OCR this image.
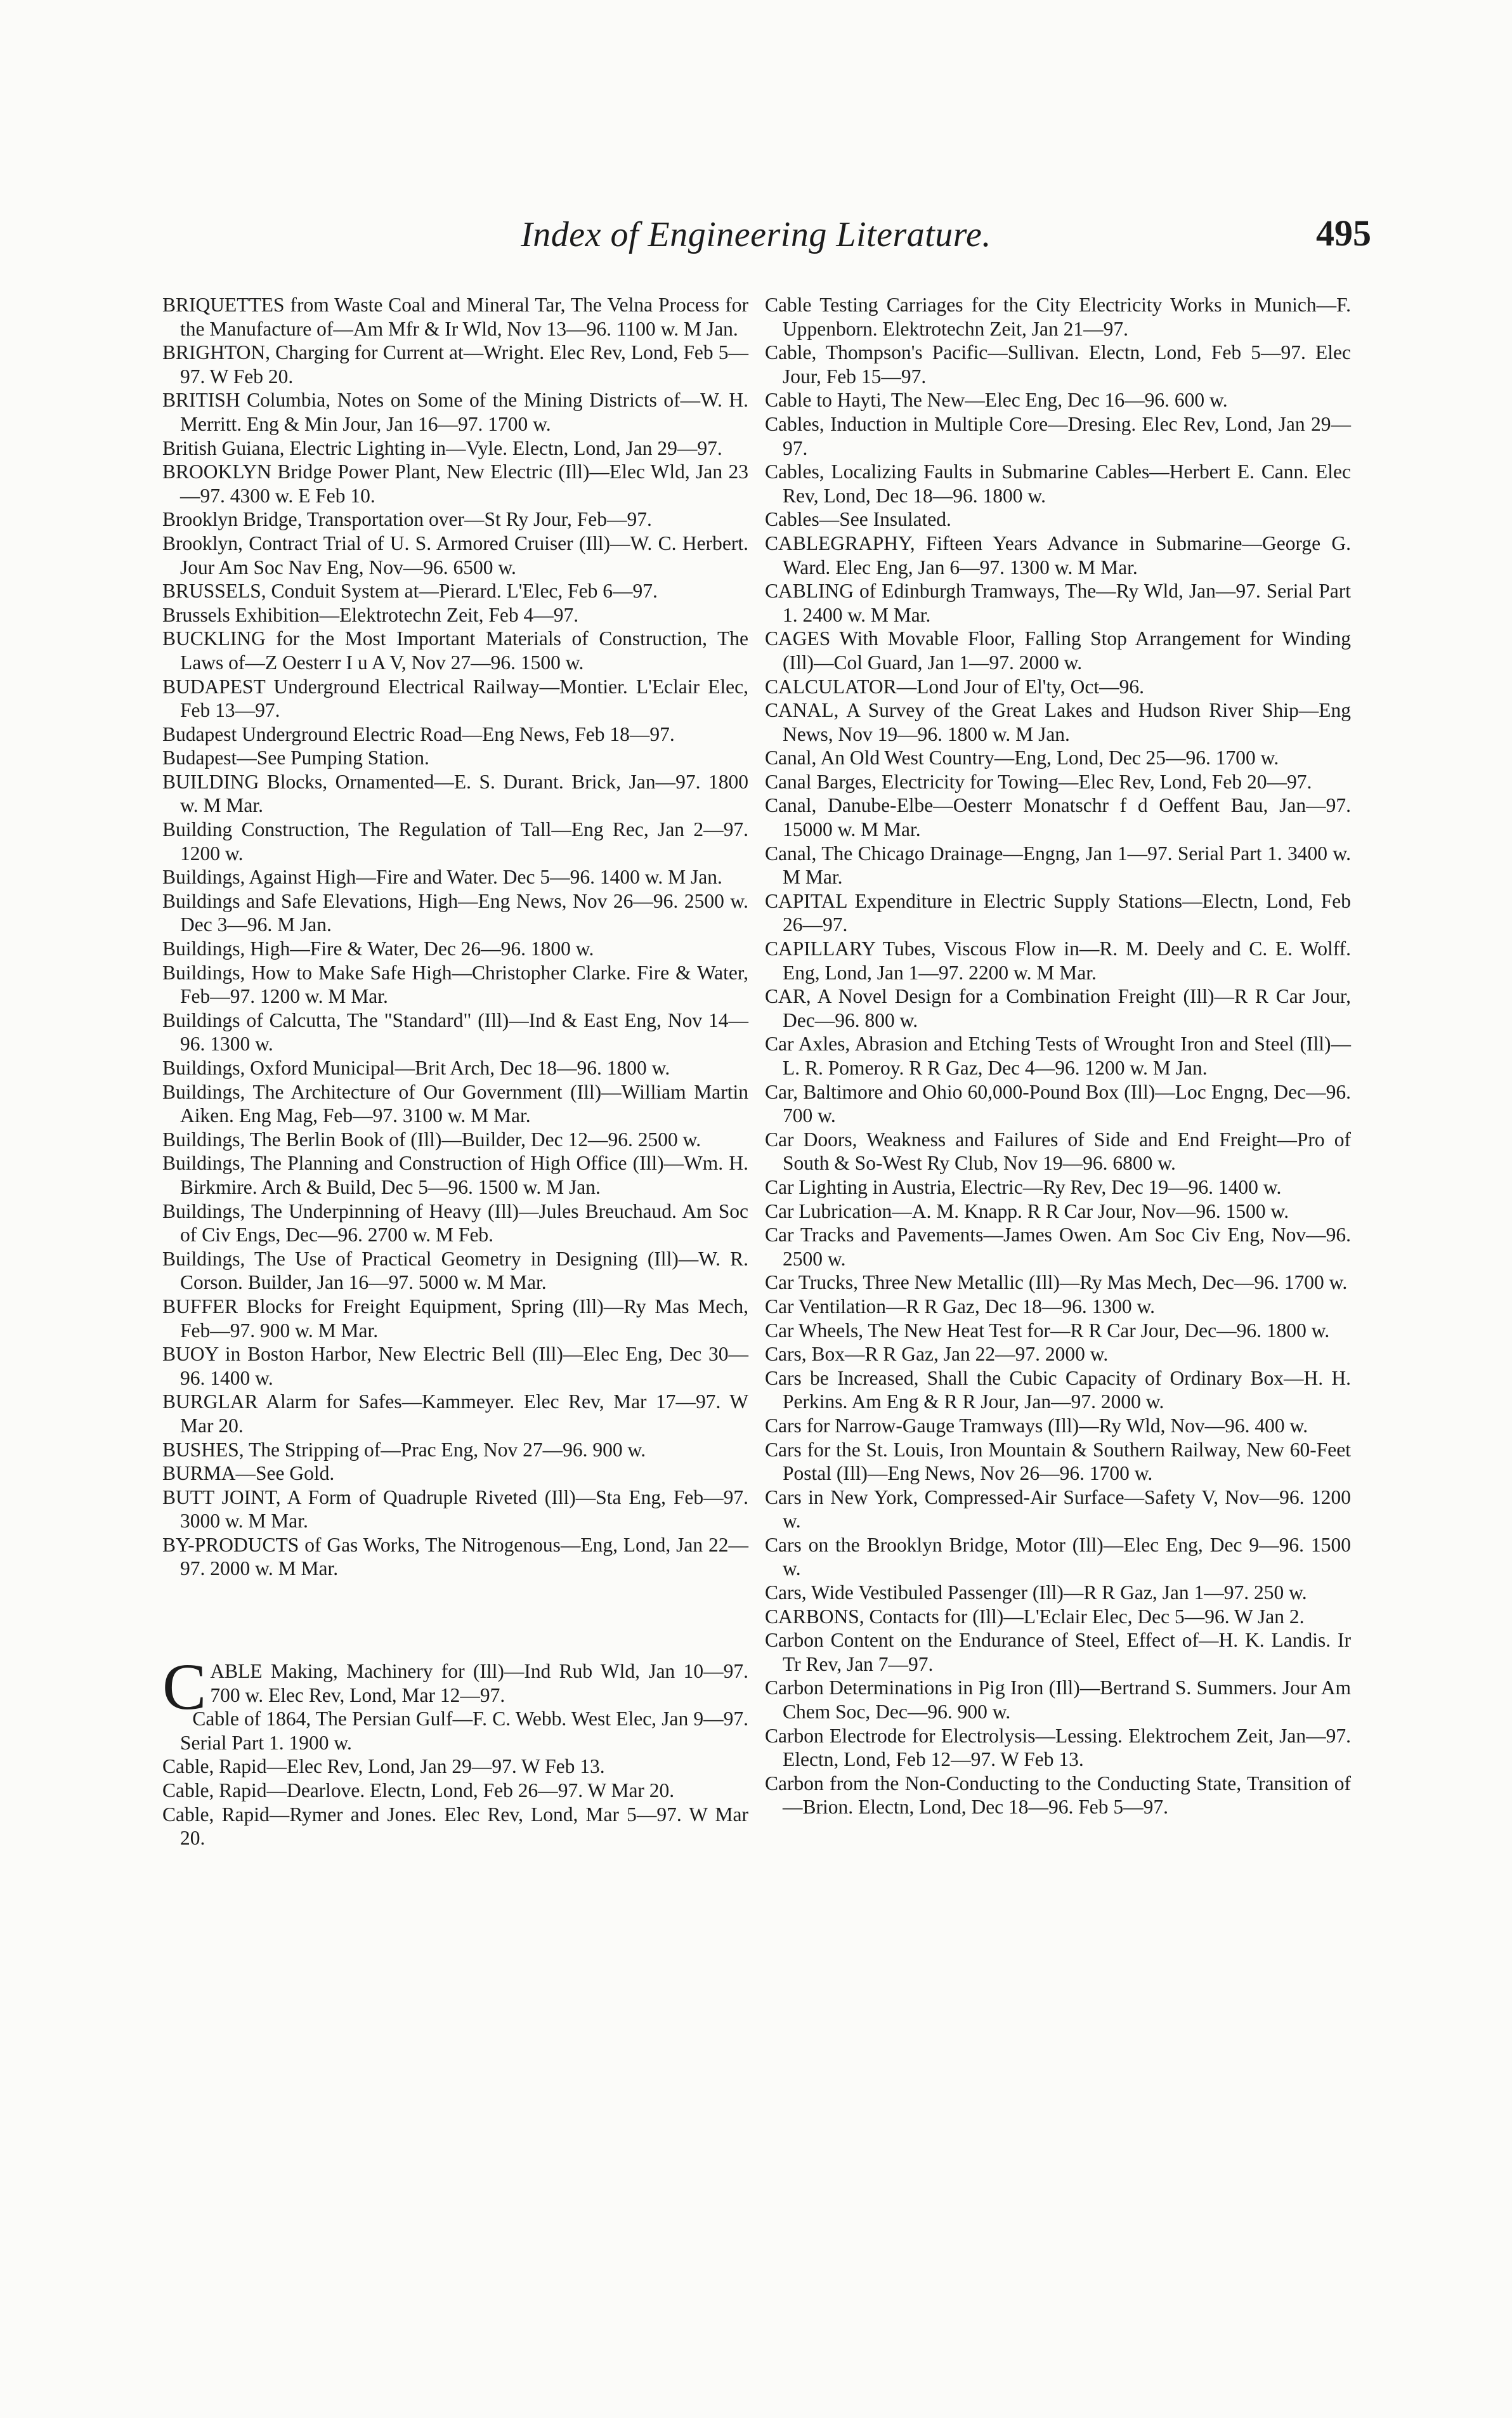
Index of Engineering Literature.	495

BRIQUETTES from Waste Coal and Mineral Tar, The Velna Process for the Manufacture of—Am Mfr & Ir Wld, Nov 13—96. 1100 w. M Jan.

BRIGHTON, Charging for Current at—Wright. Elec Rev, Lond, Feb 5—97. W Feb 20.

BRITISH Columbia, Notes on Some of the Mining Districts of—W. H. Merritt. Eng & Min Jour, Jan 16—97. 1700 w.

British Guiana, Electric Lighting in—Vyle. Electn, Lond, Jan 29—97.

BROOKLYN Bridge Power Plant, New Electric (Ill)—Elec Wld, Jan 23—97. 4300 w. E Feb 10.

Brooklyn Bridge, Transportation over—St Ry Jour, Feb—97.

Brooklyn, Contract Trial of U. S. Armored Cruiser (Ill)—W. C. Herbert. Jour Am Soc Nav Eng, Nov—96. 6500 w.

BRUSSELS, Conduit System at—Pierard. L'Elec, Feb 6—97.

Brussels Exhibition—Elektrotechn Zeit, Feb 4—97.

BUCKLING for the Most Important Materials of Construction, The Laws of—Z Oesterr I u A V, Nov 27—96. 1500 w.

BUDAPEST Underground Electrical Railway—Montier. L'Eclair Elec, Feb 13—97.

Budapest Underground Electric Road—Eng News, Feb 18—97.

Budapest—See Pumping Station.

BUILDING Blocks, Ornamented—E. S. Durant. Brick, Jan—97. 1800 w. M Mar.

Building Construction, The Regulation of Tall—Eng Rec, Jan 2—97. 1200 w.

Buildings, Against High—Fire and Water. Dec 5—96. 1400 w. M Jan.

Buildings and Safe Elevations, High—Eng News, Nov 26—96. 2500 w. Dec 3—96. M Jan.

Buildings, High—Fire & Water, Dec 26—96. 1800 w.

Buildings, How to Make Safe High—Christopher Clarke. Fire & Water, Feb—97. 1200 w. M Mar.

Buildings of Calcutta, The "Standard" (Ill)—Ind & East Eng, Nov 14—96. 1300 w.

Buildings, Oxford Municipal—Brit Arch, Dec 18—96. 1800 w.

Buildings, The Architecture of Our Government (Ill)—William Martin Aiken. Eng Mag, Feb—97. 3100 w. M Mar.

Buildings, The Berlin Book of (Ill)—Builder, Dec 12—96. 2500 w.

Buildings, The Planning and Construction of High Office (Ill)—Wm. H. Birkmire. Arch & Build, Dec 5—96. 1500 w. M Jan.

Buildings, The Underpinning of Heavy (Ill)—Jules Breuchaud. Am Soc of Civ Engs, Dec—96. 2700 w. M Feb.

Buildings, The Use of Practical Geometry in Designing (Ill)—W. R. Corson. Builder, Jan 16—97. 5000 w. M Mar.

BUFFER Blocks for Freight Equipment, Spring (Ill)—Ry Mas Mech, Feb—97. 900 w. M Mar.

BUOY in Boston Harbor, New Electric Bell (Ill)—Elec Eng, Dec 30—96. 1400 w.

BURGLAR Alarm for Safes—Kammeyer. Elec Rev, Mar 17—97. W Mar 20.

BUSHES, The Stripping of—Prac Eng, Nov 27—96. 900 w.

BURMA—See Gold.

BUTT JOINT, A Form of Quadruple Riveted (Ill)—Sta Eng, Feb—97. 3000 w. M Mar.

BY-PRODUCTS of Gas Works, The Nitrogenous—Eng, Lond, Jan 22—97. 2000 w. M Mar.

CABLE Making, Machinery for (Ill)—Ind Rub Wld, Jan 10—97. 700 w. Elec Rev, Lond, Mar 12—97.

Cable of 1864, The Persian Gulf—F. C. Webb. West Elec, Jan 9—97. Serial Part 1. 1900 w.

Cable, Rapid—Elec Rev, Lond, Jan 29—97. W Feb 13.

Cable, Rapid—Dearlove. Electn, Lond, Feb 26—97. W Mar 20.

Cable, Rapid—Rymer and Jones. Elec Rev, Lond, Mar 5—97. W Mar 20.

Cable Testing Carriages for the City Electricity Works in Munich—F. Uppenborn. Elektrotechn Zeit, Jan 21—97.

Cable, Thompson's Pacific—Sullivan. Electn, Lond, Feb 5—97. Elec Jour, Feb 15—97.

Cable to Hayti, The New—Elec Eng, Dec 16—96. 600 w.

Cables, Induction in Multiple Core—Dresing. Elec Rev, Lond, Jan 29—97.

Cables, Localizing Faults in Submarine Cables—Herbert E. Cann. Elec Rev, Lond, Dec 18—96. 1800 w.

Cables—See Insulated.

CABLEGRAPHY, Fifteen Years Advance in Submarine—George G. Ward. Elec Eng, Jan 6—97. 1300 w. M Mar.

CABLING of Edinburgh Tramways, The—Ry Wld, Jan—97. Serial Part 1. 2400 w. M Mar.

CAGES With Movable Floor, Falling Stop Arrangement for Winding (Ill)—Col Guard, Jan 1—97. 2000 w.

CALCULATOR—Lond Jour of El'ty, Oct—96.

CANAL, A Survey of the Great Lakes and Hudson River Ship—Eng News, Nov 19—96. 1800 w. M Jan.

Canal, An Old West Country—Eng, Lond, Dec 25—96. 1700 w.

Canal Barges, Electricity for Towing—Elec Rev, Lond, Feb 20—97.

Canal, Danube-Elbe—Oesterr Monatschr f d Oeffent Bau, Jan—97. 15000 w. M Mar.

Canal, The Chicago Drainage—Engng, Jan 1—97. Serial Part 1. 3400 w. M Mar.

CAPITAL Expenditure in Electric Supply Stations—Electn, Lond, Feb 26—97.

CAPILLARY Tubes, Viscous Flow in—R. M. Deely and C. E. Wolff. Eng, Lond, Jan 1—97. 2200 w. M Mar.

CAR, A Novel Design for a Combination Freight (Ill)—R R Car Jour, Dec—96. 800 w.

Car Axles, Abrasion and Etching Tests of Wrought Iron and Steel (Ill)—L. R. Pomeroy. R R Gaz, Dec 4—96. 1200 w. M Jan.

Car, Baltimore and Ohio 60,000-Pound Box (Ill)—Loc Engng, Dec—96. 700 w.

Car Doors, Weakness and Failures of Side and End Freight—Pro of South & So-West Ry Club, Nov 19—96. 6800 w.

Car Lighting in Austria, Electric—Ry Rev, Dec 19—96. 1400 w.

Car Lubrication—A. M. Knapp. R R Car Jour, Nov—96. 1500 w.

Car Tracks and Pavements—James Owen. Am Soc Civ Eng, Nov—96. 2500 w.

Car Trucks, Three New Metallic (Ill)—Ry Mas Mech, Dec—96. 1700 w.

Car Ventilation—R R Gaz, Dec 18—96. 1300 w.

Car Wheels, The New Heat Test for—R R Car Jour, Dec—96. 1800 w.

Cars, Box—R R Gaz, Jan 22—97. 2000 w.

Cars be Increased, Shall the Cubic Capacity of Ordinary Box—H. H. Perkins. Am Eng & R R Jour, Jan—97. 2000 w.

Cars for Narrow-Gauge Tramways (Ill)—Ry Wld, Nov—96. 400 w.

Cars for the St. Louis, Iron Mountain & Southern Railway, New 60-Feet Postal (Ill)—Eng News, Nov 26—96. 1700 w.

Cars in New York, Compressed-Air Surface—Safety V, Nov—96. 1200 w.

Cars on the Brooklyn Bridge, Motor (Ill)—Elec Eng, Dec 9—96. 1500 w.

Cars, Wide Vestibuled Passenger (Ill)—R R Gaz, Jan 1—97. 250 w.

CARBONS, Contacts for (Ill)—L'Eclair Elec, Dec 5—96. W Jan 2.

Carbon Content on the Endurance of Steel, Effect of—H. K. Landis. Ir Tr Rev, Jan 7—97.

Carbon Determinations in Pig Iron (Ill)—Bertrand S. Summers. Jour Am Chem Soc, Dec—96. 900 w.

Carbon Electrode for Electrolysis—Lessing. Elektrochem Zeit, Jan—97. Electn, Lond, Feb 12—97. W Feb 13.

Carbon from the Non-Conducting to the Conducting State, Transition of—Brion. Electn, Lond, Dec 18—96. Feb 5—97.
